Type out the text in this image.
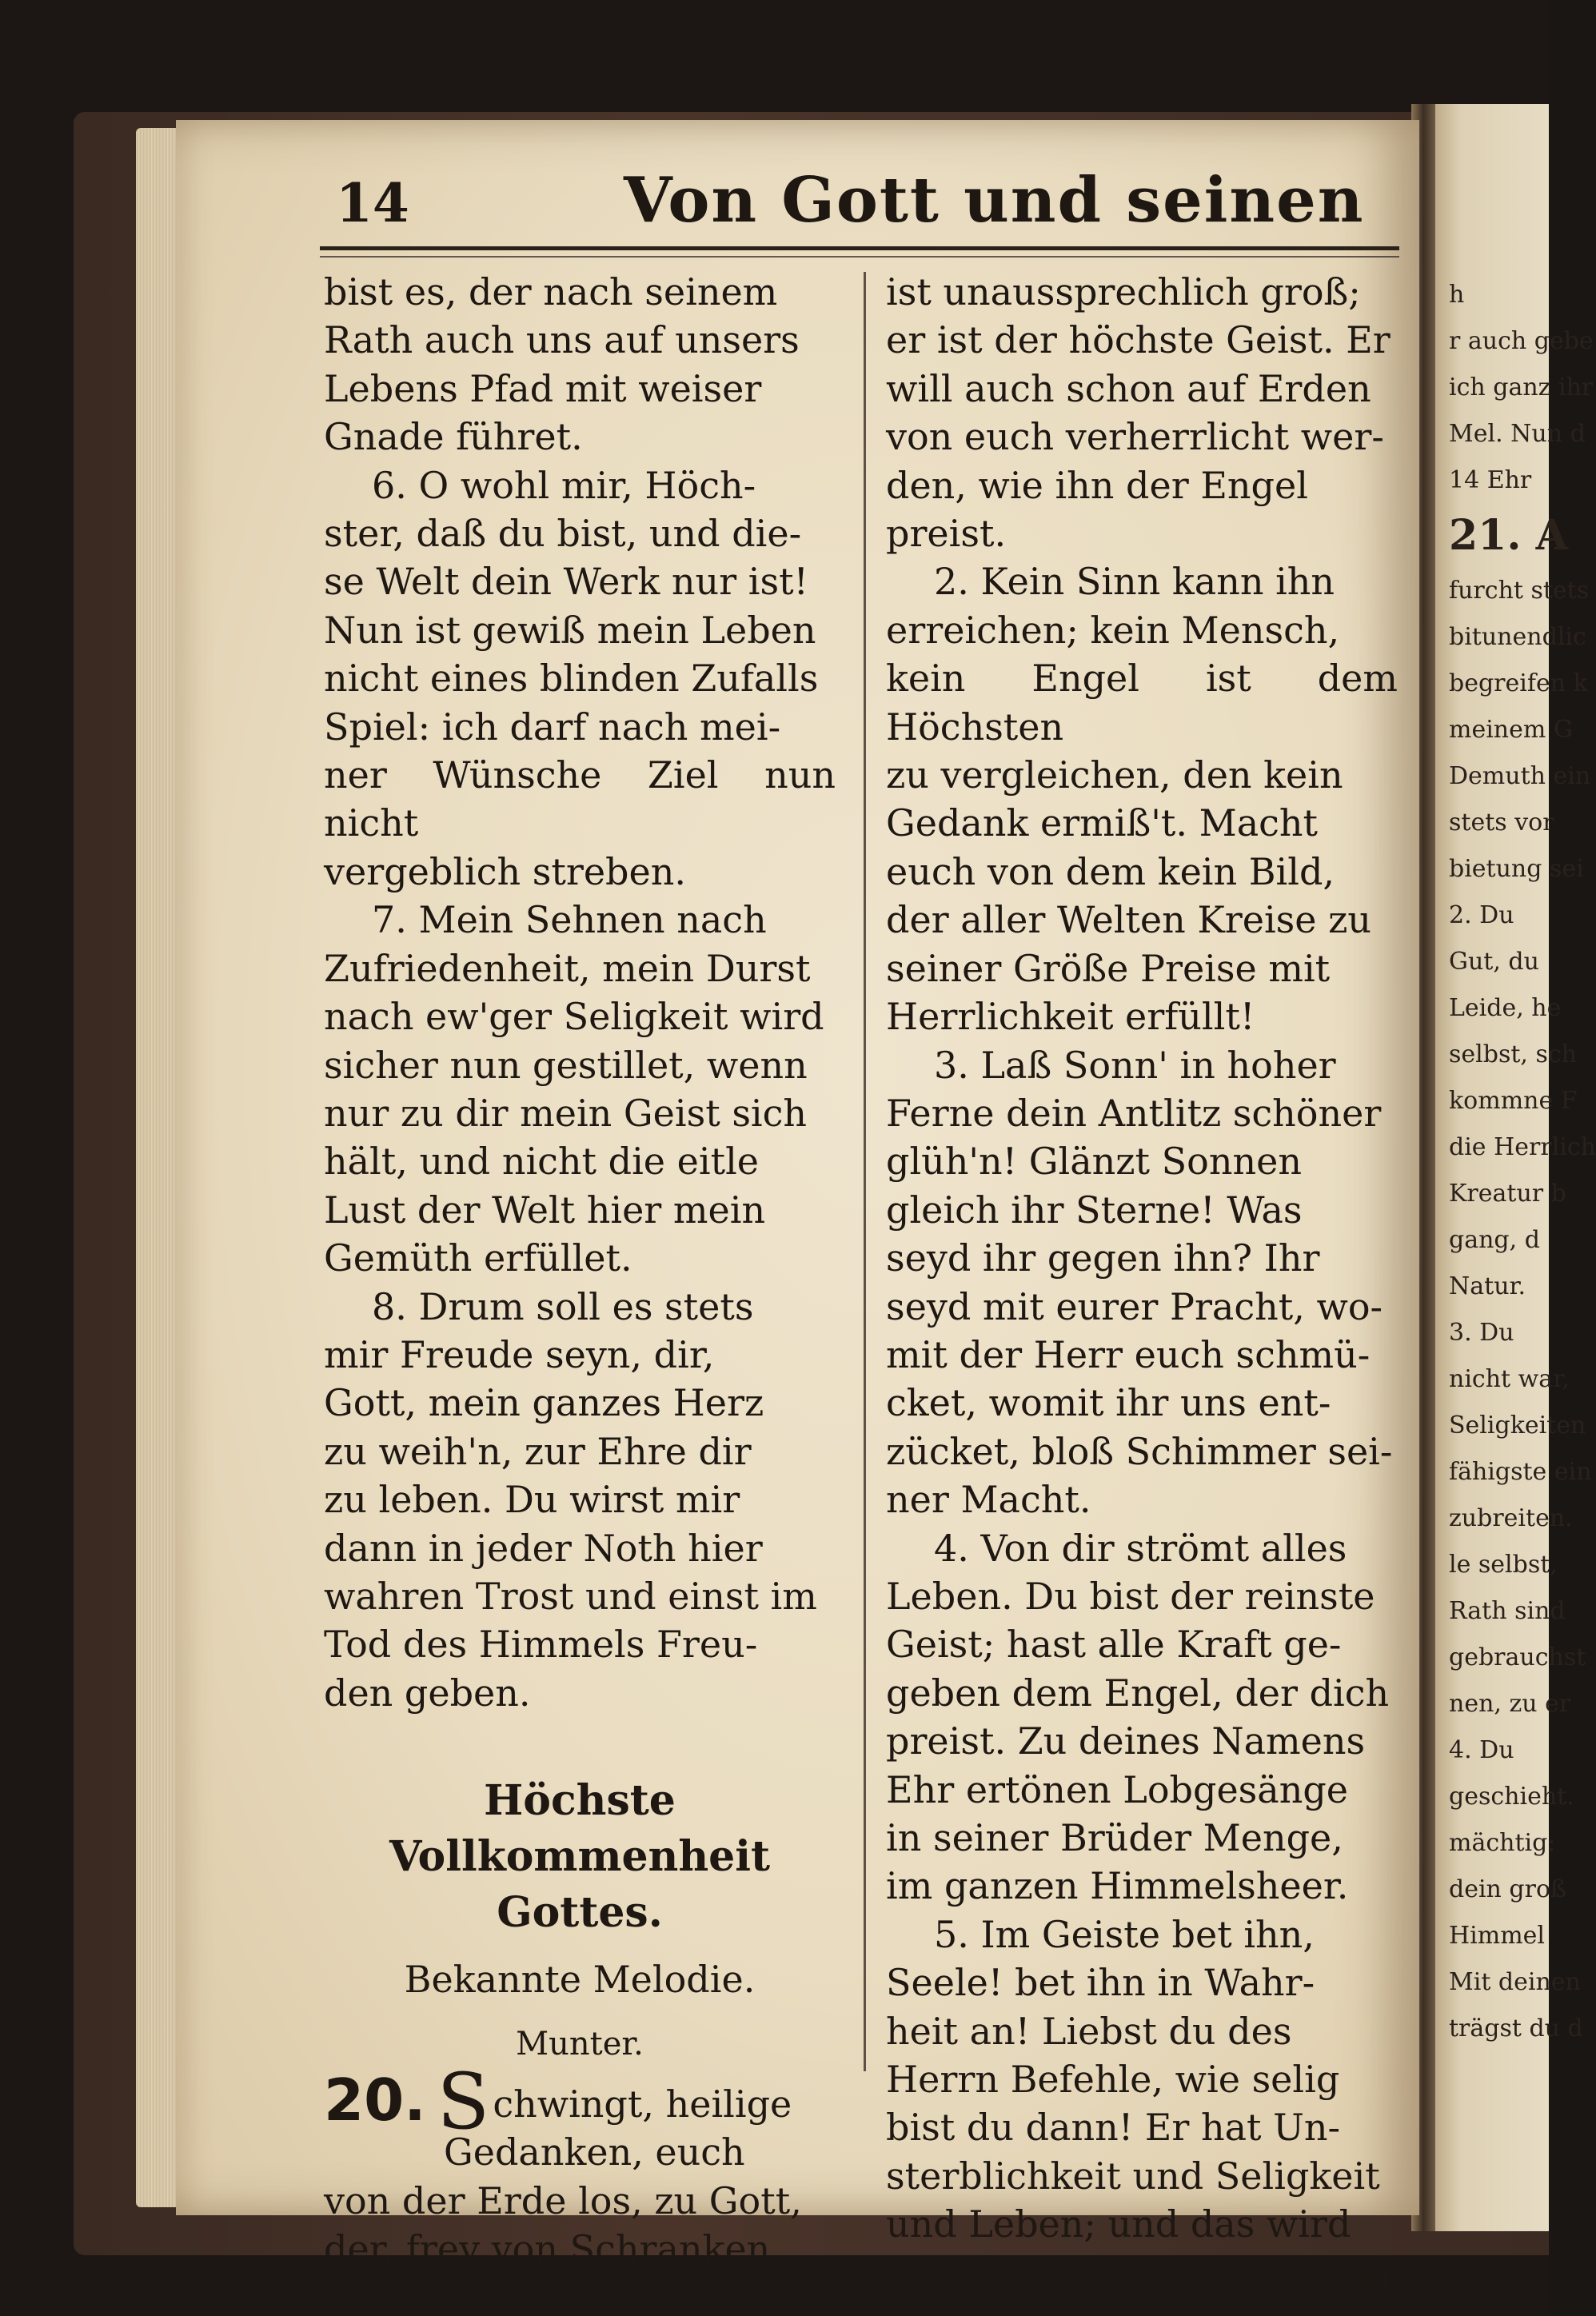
14	Von Gott und seinen

bist es, der nach seinem

Rath auch uns auf unsers

Lebens Pfad mit weiser

Gnade führet.

6. O wohl mir, Höch-

ster, daß du bist, und die-

se Welt dein Werk nur ist!

Nun ist gewiß mein Leben

nicht eines blinden Zufalls

Spiel: ich darf nach mei-

ner Wünsche Ziel nun nicht

vergeblich streben.

7. Mein Sehnen nach

Zufriedenheit, mein Durst

nach ew'ger Seligkeit wird

sicher nun gestillet, wenn

nur zu dir mein Geist sich

hält, und nicht die eitle

Lust der Welt hier mein

Gemüth erfüllet.

8. Drum soll es stets

mir Freude seyn, dir,

Gott, mein ganzes Herz

zu weih'n, zur Ehre dir

zu leben. Du wirst mir

dann in jeder Noth hier

wahren Trost und einst im

Tod des Himmels Freu-

den geben.

Höchste Vollkommenheit
Gottes.

Bekannte Melodie.

Munter.

20. Schwingt, heilige

Gedanken, euch

von der Erde los, zu Gott,

der, frey von Schranken,

ist unaussprechlich groß;

er ist der höchste Geist. Er

will auch schon auf Erden

von euch verherrlicht wer-

den, wie ihn der Engel

preist.

2. Kein Sinn kann ihn

erreichen; kein Mensch,

kein Engel ist dem Höchsten

zu vergleichen, den kein

Gedank ermiß't. Macht

euch von dem kein Bild,

der aller Welten Kreise zu

seiner Größe Preise mit

Herrlichkeit erfüllt!

3. Laß Sonn' in hoher

Ferne dein Antlitz schöner

glüh'n! Glänzt Sonnen

gleich ihr Sterne! Was

seyd ihr gegen ihn? Ihr

seyd mit eurer Pracht, wo-

mit der Herr euch schmü-

cket, womit ihr uns ent-

zücket, bloß Schimmer sei-

ner Macht.

4. Von dir strömt alles

Leben. Du bist der reinste

Geist; hast alle Kraft ge-

geben dem Engel, der dich

preist. Zu deines Namens

Ehr ertönen Lobgesänge

in seiner Brüder Menge,

im ganzen Himmelsheer.

5. Im Geiste bet ihn,

Seele! bet ihn in Wahr-

heit an! Liebst du des

Herrn Befehle, wie selig

bist du dann! Er hat Un-

sterblichkeit und Seligkeit

und Leben; und das wird

er

h
r auch gebe
ich ganz ihr
Mel. Nun d
14 Ehr
21. A
furcht stets
bitunendlic
begreifen k
meinem G
Demuth ein
stets vor
bietung sei
2. Du
Gut, du
Leide, he
selbst, sch
kommne F
die Herrlich
Kreatur b
gang, d
Natur.
3. Du
nicht war,
Seligkeiten
fähigste ein
zubreiten.
le selbst,
Rath sind
gebrauchst
nen, zu er
4. Du
geschieht.
mächtig:
dein groß
Himmel
Mit deinen
trägst du d
